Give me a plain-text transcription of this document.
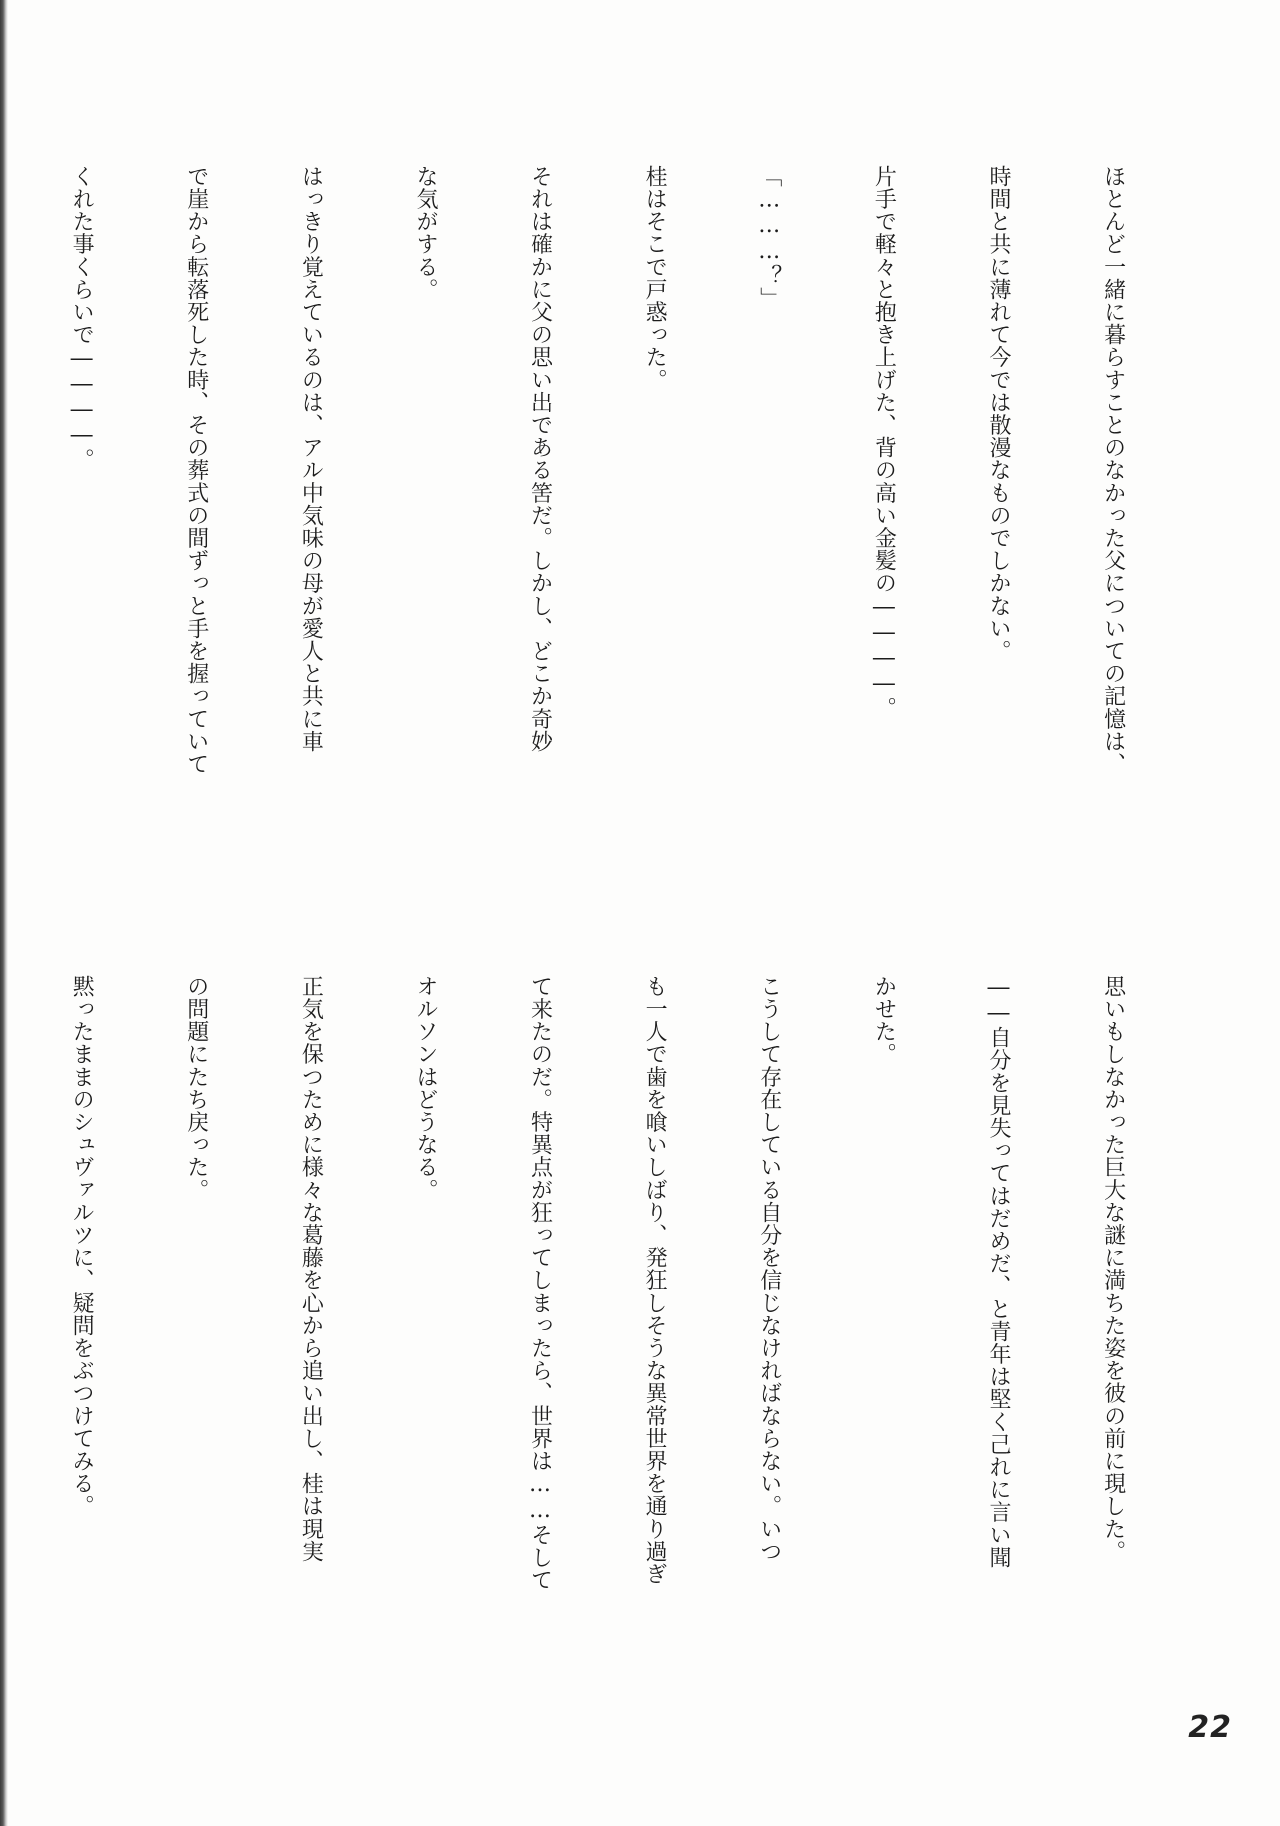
ほとんど一緒に暮らすことのなかった父についての記憶は、

時間と共に薄れて今では散漫なものでしかない。

片手で軽々と抱き上げた、背の高い金髪の――――。

「………？」

桂はそこで戸惑った。

それは確かに父の思い出である筈だ。しかし、どこか奇妙

な気がする。

はっきり覚えているのは、アル中気味の母が愛人と共に車

で崖から転落死した時、その葬式の間ずっと手を握っていて

くれた事くらいで――――。

思いもしなかった巨大な謎に満ちた姿を彼の前に現した。

――自分を見失ってはだめだ、と青年は堅く己れに言い聞

かせた。

こうして存在している自分を信じなければならない。いつ

も一人で歯を喰いしばり、発狂しそうな異常世界を通り過ぎ

て来たのだ。特異点が狂ってしまったら、世界は……そして

オルソンはどうなる。

正気を保つために様々な葛藤を心から追い出し、桂は現実

の問題にたち戻った。

黙ったままのシュヴァルツに、疑問をぶつけてみる。

22
